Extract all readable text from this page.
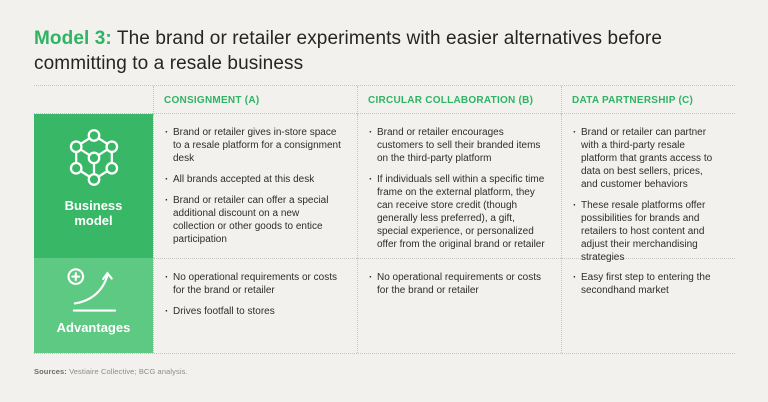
Model 3: The brand or retailer experiments with easier alternatives before committing to a resale business
CONSIGNMENT (A)	CIRCULAR COLLABORATION (B)	DATA PARTNERSHIP (C)
Business model
· Brand or retailer gives in-store space to a resale platform for a consignment desk
· All brands accepted at this desk
· Brand or retailer can offer a special additional discount on a new collection or other goods to entice participation
· Brand or retailer encourages customers to sell their branded items on the third-party platform
· If individuals sell within a specific time frame on the external platform, they can receive store credit (though generally less preferred), a gift, special experience, or personalized offer from the original brand or retailer
· Brand or retailer can partner with a third-party resale platform that grants access to data on best sellers, prices, and customer behaviors
· These resale platforms offer possibilities for brands and retailers to host content and adjust their merchandising strategies
Advantages
· No operational requirements or costs for the brand or retailer
· Drives footfall to stores
· No operational requirements or costs for the brand or retailer
· Easy first step to entering the secondhand market
Sources: Vestiaire Collective; BCG analysis.
